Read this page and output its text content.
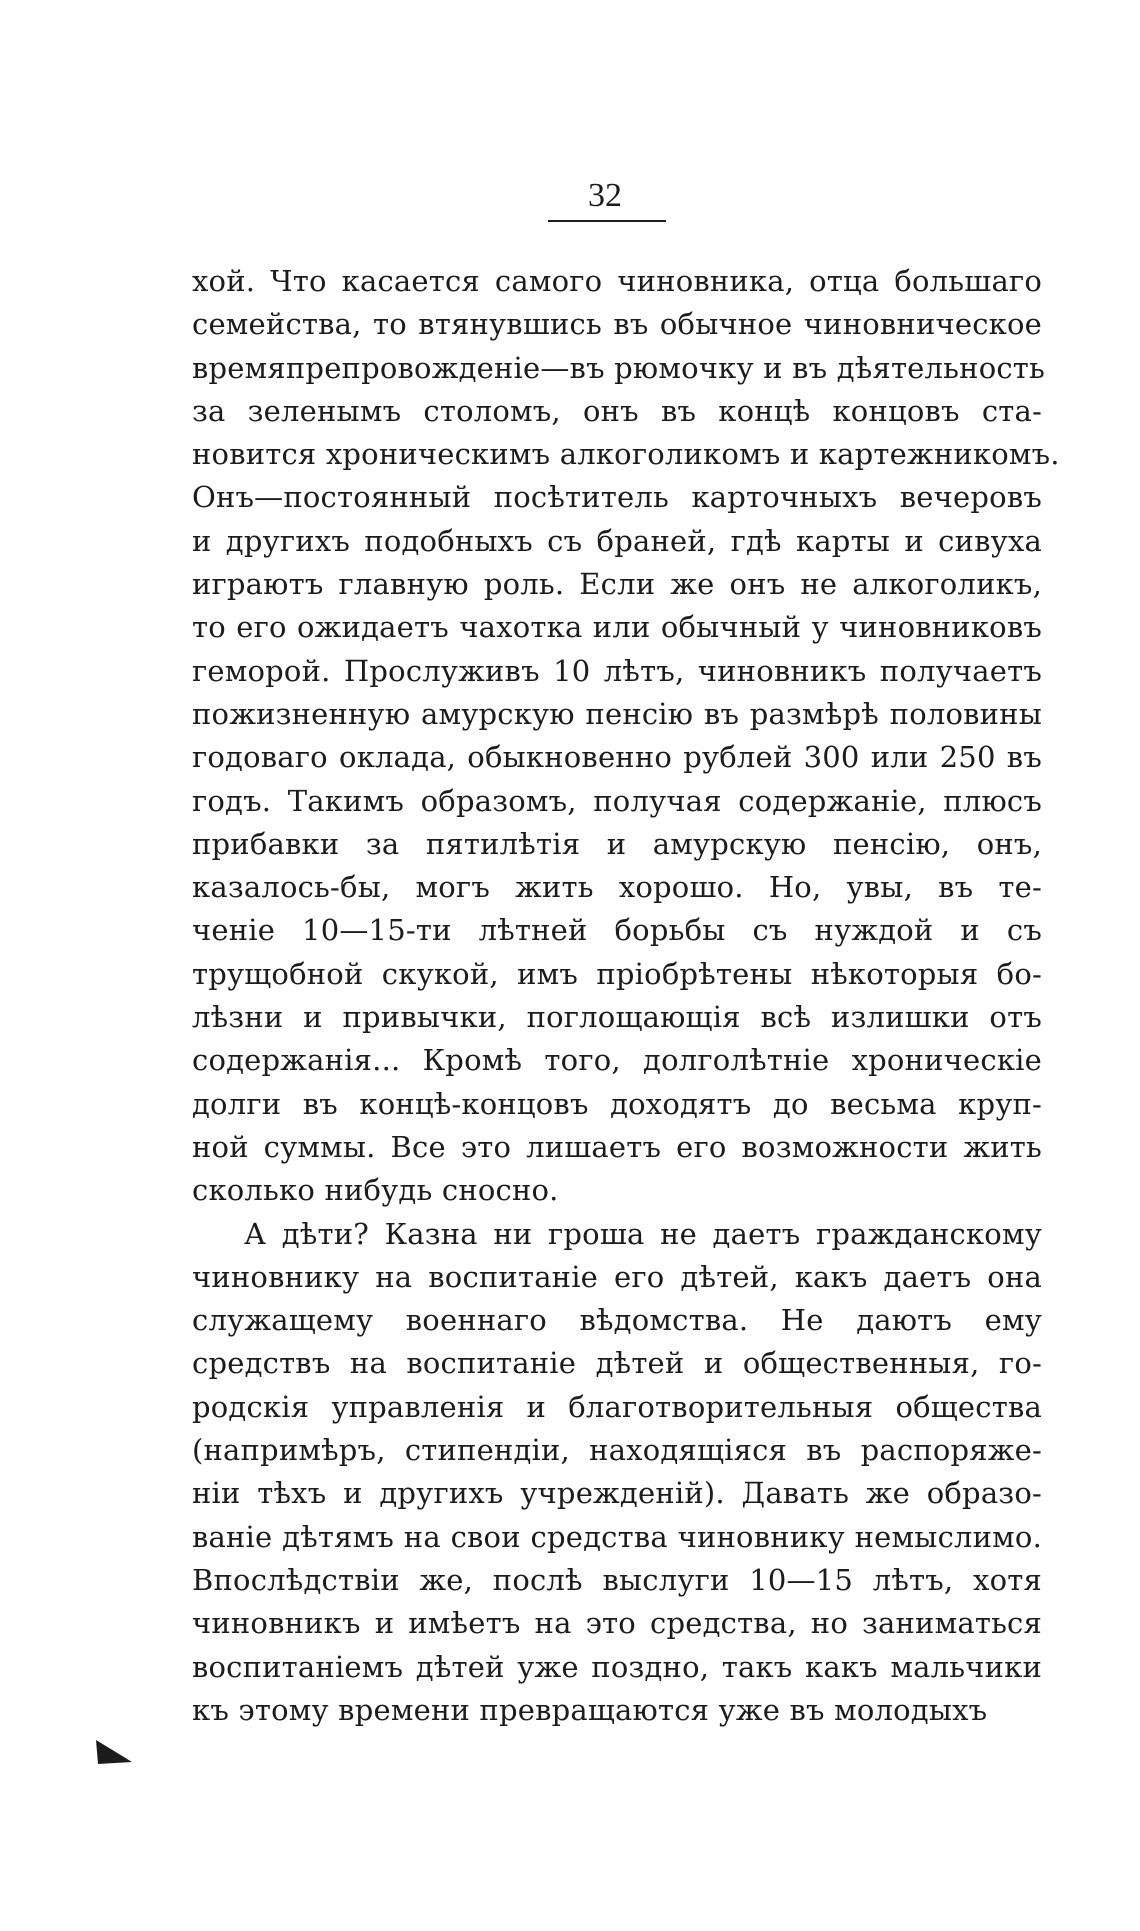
32
хой. Что касается самого чиновника, отца большаго
семейства, то втянувшись въ обычное чиновническое
времяпрепровожденіе—въ рюмочку и въ дѣятельность
за зеленымъ столомъ, онъ въ концѣ концовъ ста-
новится хроническимъ алкоголикомъ и картежникомъ.
Онъ—постоянный посѣтитель карточныхъ вечеровъ
и другихъ подобныхъ съ браней, гдѣ карты и сивуха
играютъ главную роль. Если же онъ не алкоголикъ,
то его ожидаетъ чахотка или обычный у чиновниковъ
геморой. Прослуживъ 10 лѣтъ, чиновникъ получаетъ
пожизненную амурскую пенсію въ размѣрѣ половины
годоваго оклада, обыкновенно рублей 300 или 250 въ
годъ. Такимъ образомъ, получая содержаніе, плюсъ
прибавки за пятилѣтія и амурскую пенсію, онъ,
казалось-бы, могъ жить хорошо. Но, увы, въ те-
ченіе 10—15-ти лѣтней борьбы съ нуждой и съ
трущобной скукой, имъ пріобрѣтены нѣкоторыя бо-
лѣзни и привычки, поглощающія всѣ излишки отъ
содержанія... Кромѣ того, долголѣтніе хроническіе
долги въ концѣ-концовъ доходятъ до весьма круп-
ной суммы. Все это лишаетъ его возможности жить
сколько нибудь сносно.
А дѣти? Казна ни гроша не даетъ гражданскому
чиновнику на воспитаніе его дѣтей, какъ даетъ она
служащему военнаго вѣдомства. Не даютъ ему
средствъ на воспитаніе дѣтей и общественныя, го-
родскія управленія и благотворительныя общества
(напримѣръ, стипендіи, находящіяся въ распоряже-
ніи тѣхъ и другихъ учрежденій). Давать же образо-
ваніе дѣтямъ на свои средства чиновнику немыслимо.
Впослѣдствіи же, послѣ выслуги 10—15 лѣтъ, хотя
чиновникъ и имѣетъ на это средства, но заниматься
воспитаніемъ дѣтей уже поздно, такъ какъ мальчики
къ этому времени превращаются уже въ молодыхъ
